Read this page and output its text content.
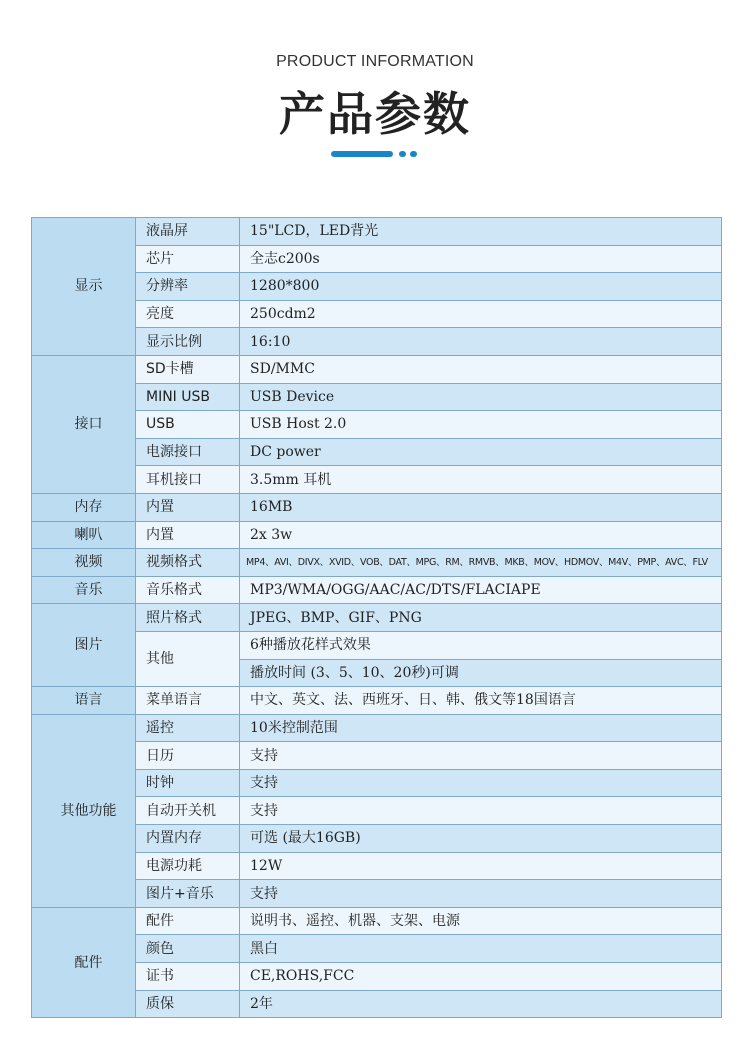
PRODUCT INFORMATION
产品参数
显示	液晶屏	15"LCD，LED背光
	芯片	全志c200s
	分辨率	1280*800
	亮度	250cdm2
	显示比例	16:10
接口	SD卡槽	SD/MMC
	MINI USB	USB Device
	USB	USB Host 2.0
	电源接口	DC power
	耳机接口	3.5mm 耳机
内存	内置	16MB
喇叭	内置	2x 3w
视频	视频格式	MP4、AVI、DIVX、XVID、VOB、DAT、MPG、RM、RMVB、MKB、MOV、HDMOV、M4V、PMP、AVC、FLV
音乐	音乐格式	MP3/WMA/OGG/AAC/AC/DTS/FLACIAPE
图片	照片格式	JPEG、BMP、GIF、PNG
	其他	6种播放花样式效果
		播放时间 (3、5、10、20秒)可调
语言	菜单语言	中文、英文、法、西班牙、日、韩、俄文等18国语言
其他功能	遥控	10米控制范围
	日历	支持
	时钟	支持
	自动开关机	支持
	内置内存	可选 (最大16GB)
	电源功耗	12W
	图片+音乐	支持
配件	配件	说明书、遥控、机器、支架、电源
	颜色	黑白
	证书	CE,ROHS,FCC
	质保	2年
